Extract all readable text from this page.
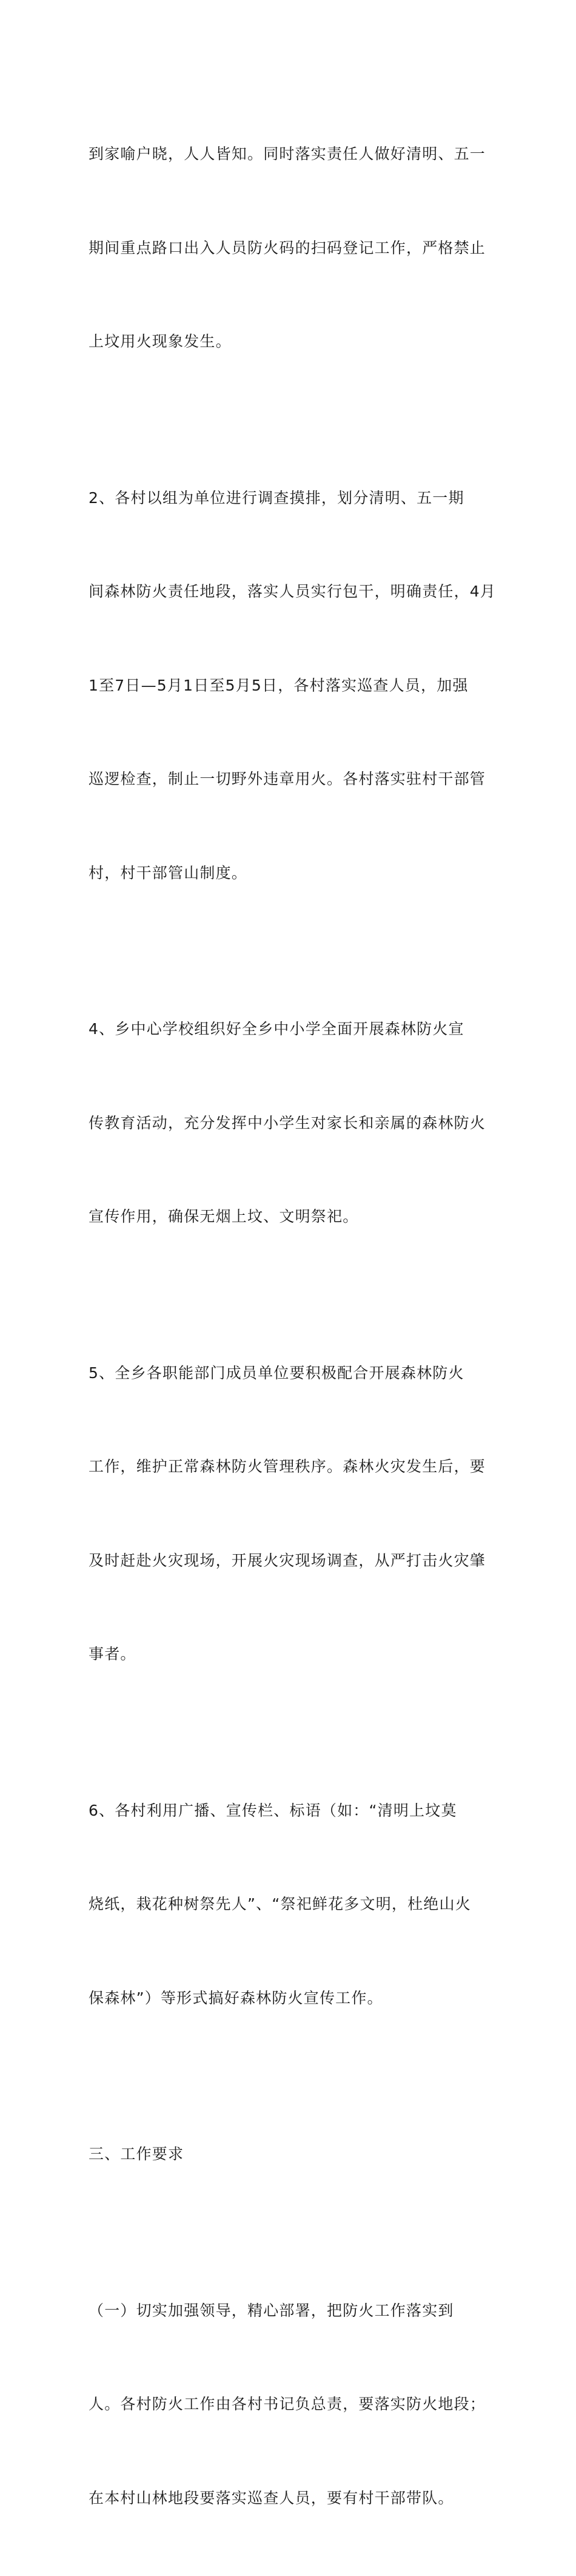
到家喻户晓，人人皆知。同时落实责任人做好清明、五一

期间重点路口出入人员防火码的扫码登记工作，严格禁止

上坟用火现象发生。

2、各村以组为单位进行调查摸排，划分清明、五一期

间森林防火责任地段，落实人员实行包干，明确责任，4月

1至7日—5月1日至5月5日，各村落实巡查人员，加强

巡逻检查，制止一切野外违章用火。各村落实驻村干部管

村，村干部管山制度。

4、乡中心学校组织好全乡中小学全面开展森林防火宣

传教育活动，充分发挥中小学生对家长和亲属的森林防火

宣传作用，确保无烟上坟、文明祭祀。

5、全乡各职能部门成员单位要积极配合开展森林防火

工作，维护正常森林防火管理秩序。森林火灾发生后，要

及时赶赴火灾现场，开展火灾现场调查，从严打击火灾肇

事者。

6、各村利用广播、宣传栏、标语（如：“清明上坟莫

烧纸，栽花种树祭先人”、“祭祀鲜花多文明，杜绝山火

保森林”）等形式搞好森林防火宣传工作。

三、工作要求

（一）切实加强领导，精心部署，把防火工作落实到

人。各村防火工作由各村书记负总责，要落实防火地段；

在本村山林地段要落实巡查人员，要有村干部带队。
